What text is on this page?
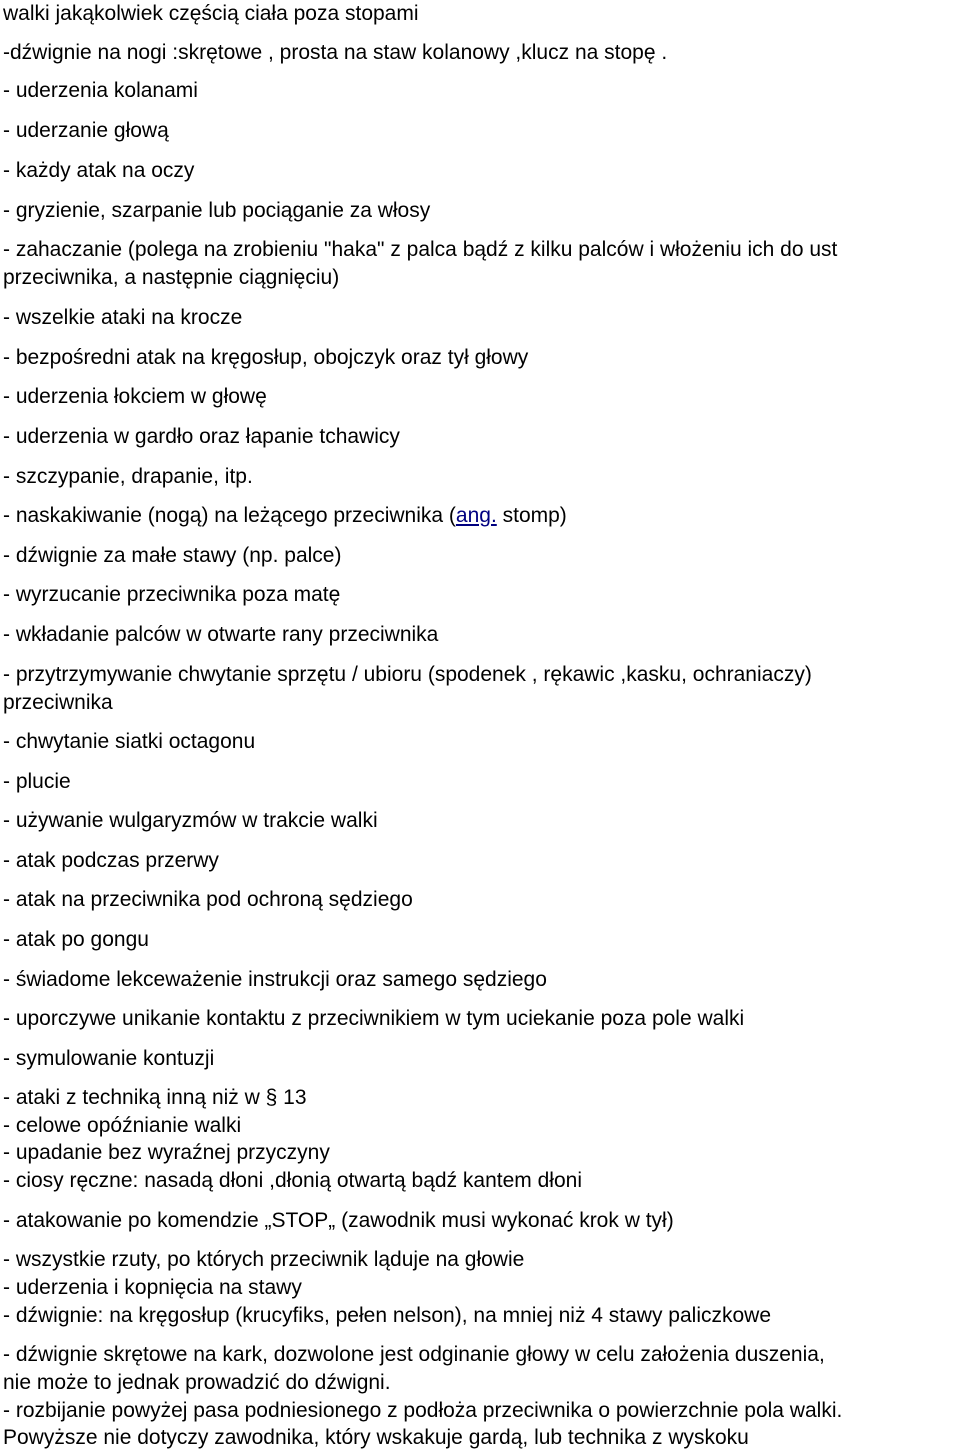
walki jakąkolwiek częścią ciała poza stopami

-dźwignie na nogi :skrętowe , prosta na staw kolanowy ,klucz na stopę .

- uderzenia kolanami

- uderzanie głową

- każdy atak na oczy

- gryzienie, szarpanie lub pociąganie za włosy

- zahaczanie (polega na zrobieniu "haka" z palca bądź z kilku palców i włożeniu ich do ust

przeciwnika, a następnie ciągnięciu)

- wszelkie ataki na krocze

- bezpośredni atak na kręgosłup, obojczyk oraz tył głowy

- uderzenia łokciem w głowę

- uderzenia w gardło oraz łapanie tchawicy

- szczypanie, drapanie, itp.

- naskakiwanie (nogą) na leżącego przeciwnika (ang. stomp)

- dźwignie za małe stawy (np. palce)

- wyrzucanie przeciwnika poza matę

- wkładanie palców w otwarte rany przeciwnika

- przytrzymywanie chwytanie sprzętu / ubioru (spodenek , rękawic ,kasku, ochraniaczy)

przeciwnika

- chwytanie siatki octagonu

- plucie

- używanie wulgaryzmów w trakcie walki

- atak podczas przerwy

- atak na przeciwnika pod ochroną sędziego

- atak po gongu

- świadome lekceważenie instrukcji oraz samego sędziego

- uporczywe unikanie kontaktu z przeciwnikiem w tym uciekanie poza pole walki

- symulowanie kontuzji

- ataki z techniką inną niż w § 13

- celowe opóźnianie walki

- upadanie bez wyraźnej przyczyny

- ciosy ręczne: nasadą dłoni ,dłonią otwartą bądź kantem dłoni

- atakowanie po komendzie „STOP„ (zawodnik musi wykonać krok w tył)

- wszystkie rzuty, po których przeciwnik ląduje na głowie

- uderzenia i kopnięcia na stawy

- dźwignie: na kręgosłup (krucyfiks, pełen nelson), na mniej niż 4 stawy paliczkowe

- dźwignie skrętowe na kark, dozwolone jest odginanie głowy w celu założenia duszenia,

nie może to jednak prowadzić do dźwigni.

- rozbijanie powyżej pasa podniesionego z podłoża przeciwnika o powierzchnie pola walki.

Powyższe nie dotyczy zawodnika, który wskakuje gardą, lub technika z wyskoku
